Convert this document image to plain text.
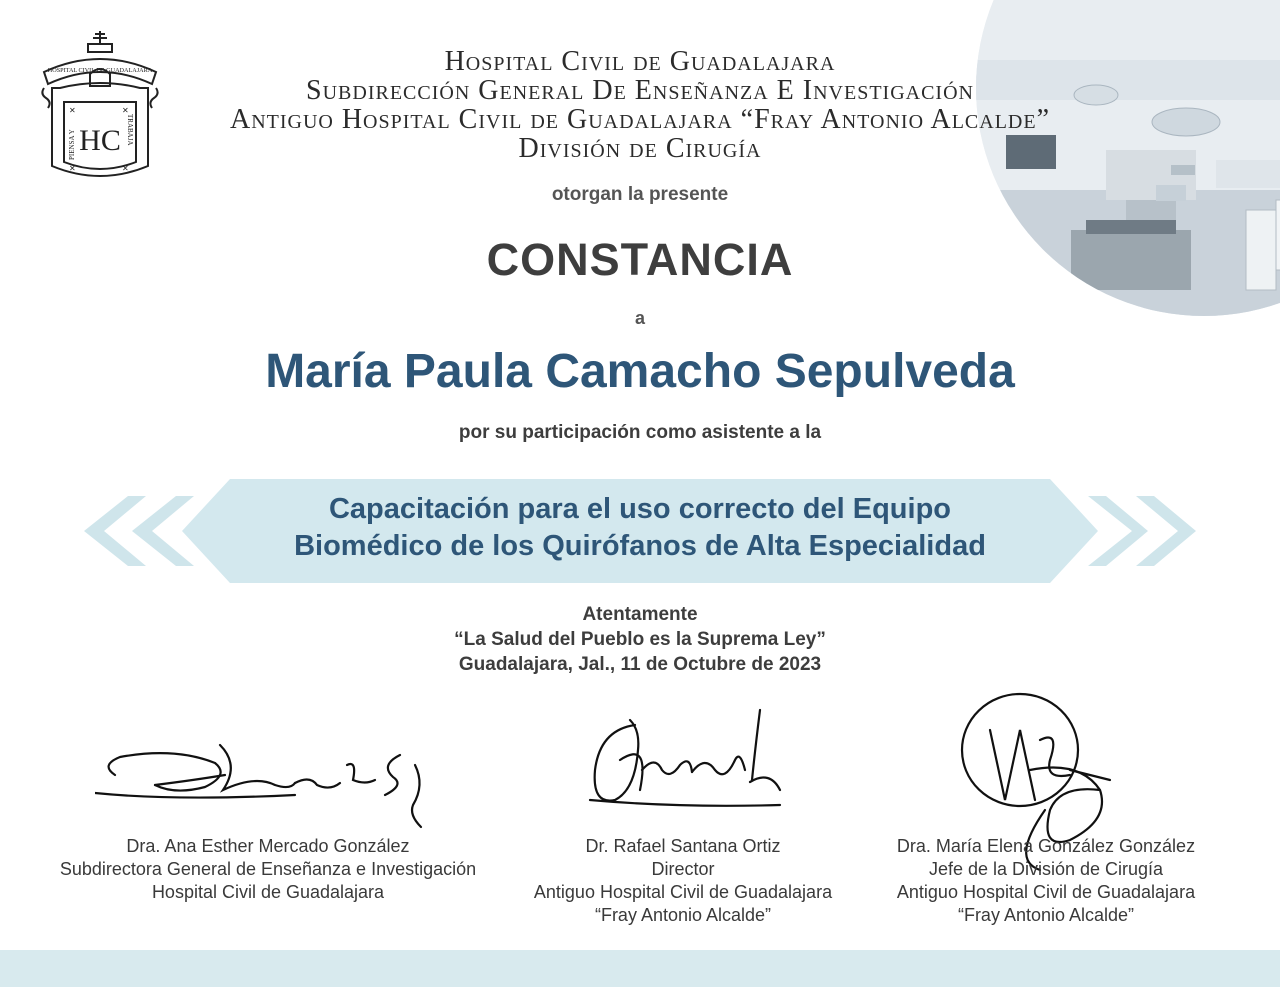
HOSPITAL CIVIL DE GUADALAJARA
HC
PIENSA Y	TRABAJA
✕	✕
✕	✕
Hospital Civil de Guadalajara
Subdirección General De Enseñanza E Investigación
Antiguo Hospital Civil de Guadalajara “Fray Antonio Alcalde”
División de Cirugía
otorgan la presente
CONSTANCIA
a
María Paula Camacho Sepulveda
por su participación como asistente a la
Capacitación para el uso correcto del Equipo
Biomédico de los Quirófanos de Alta Especialidad
Atentamente
“La Salud del Pueblo es la Suprema Ley”
Guadalajara, Jal., 11 de Octubre de 2023
Dra. Ana Esther Mercado González
Subdirectora General de Enseñanza e Investigación
Hospital Civil de Guadalajara
Dr. Rafael Santana Ortiz
Director
Antiguo Hospital Civil de Guadalajara
“Fray Antonio Alcalde”
Dra. María Elena González González
Jefe de la División de Cirugía
Antiguo Hospital Civil de Guadalajara
“Fray Antonio Alcalde”
